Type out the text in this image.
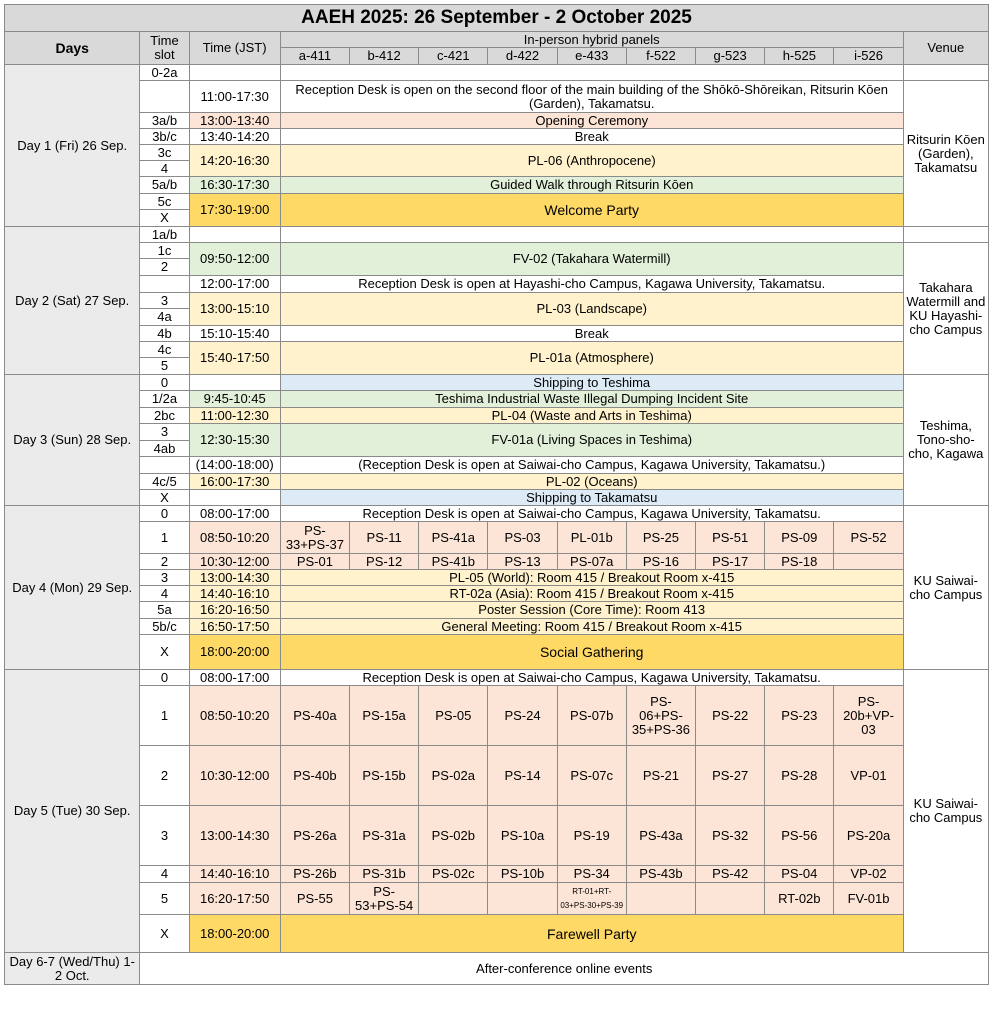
AAEH 2025: 26 September - 2 October 2025												
Days	Time slot	Time (JST)	In-person hybrid panels									Venue
			a-411	b-412	c-421	d-422	e-433	f-522	g-523	h-525	i-526	
Day 1 (Fri) 26 Sep.	0-2a											
		11:00-17:30	Reception Desk is open on the second floor of the main building of the Shōkō-Shōreikan, Ritsurin Kōen (Garden), Takamatsu.									Ritsurin Kōen (Garden), Takamatsu
	3a/b	13:00-13:40	Opening Ceremony									
	3b/c	13:40-14:20	Break									
	3c	14:20-16:30	PL-06 (Anthropocene)									
	4											
	5a/b	16:30-17:30	Guided Walk through Ritsurin Kōen									
	5c	17:30-19:00	Welcome Party									
	X											

Day 2 (Sat) 27 Sep.	1a/b											
	1c	09:50-12:00	FV-02 (Takahara Watermill)									Takahara Watermill and KU Hayashi-cho Campus
	2											
		12:00-17:00	Reception Desk is open at Hayashi-cho Campus, Kagawa University, Takamatsu.									
	3	13:00-15:10	PL-03 (Landscape)									
	4a											
	4b	15:10-15:40	Break									
	4c	15:40-17:50	PL-01a (Atmosphere)									
	5											

Day 3 (Sun) 28 Sep.	0		Shipping to Teshima									Teshima, Tono-sho-cho, Kagawa
	1/2a	9:45-10:45	Teshima Industrial Waste Illegal Dumping Incident Site									
	2bc	11:00-12:30	PL-04 (Waste and Arts in Teshima)									
	3	12:30-15:30	FV-01a (Living Spaces in Teshima)									
	4ab											
		(14:00-18:00)	(Reception Desk is open at Saiwai-cho Campus, Kagawa University, Takamatsu.)									
	4c/5	16:00-17:30	PL-02 (Oceans)									
	X		Shipping to Takamatsu									
Day 4 (Mon) 29 Sep.	0	08:00-17:00	Reception Desk is open at Saiwai-cho Campus, Kagawa University, Takamatsu.									KU Saiwai-cho Campus
	1	08:50-10:20	PS-33+PS-37	PS-11	PS-41a	PS-03	PL-01b	PS-25	PS-51	PS-09	PS-52	
	2	10:30-12:00	PS-01	PS-12	PS-41b	PS-13	PS-07a	PS-16	PS-17	PS-18		
	3	13:00-14:30	PL-05 (World): Room 415 / Breakout Room x-415									
	4	14:40-16:10	RT-02a (Asia): Room 415 / Breakout Room x-415									
	5a	16:20-16:50	Poster Session (Core Time): Room 413									
	5b/c	16:50-17:50	General Meeting: Room 415 / Breakout Room x-415									
	X	18:00-20:00	Social Gathering									
Day 5 (Tue) 30 Sep.	0	08:00-17:00	Reception Desk is open at Saiwai-cho Campus, Kagawa University, Takamatsu.									KU Saiwai-cho Campus
	1	08:50-10:20	PS-40a	PS-15a	PS-05	PS-24	PS-07b	PS-06+PS-35+PS-36	PS-22	PS-23	PS-20b+VP-03	
	2	10:30-12:00	PS-40b	PS-15b	PS-02a	PS-14	PS-07c	PS-21	PS-27	PS-28	VP-01	
	3	13:00-14:30	PS-26a	PS-31a	PS-02b	PS-10a	PS-19	PS-43a	PS-32	PS-56	PS-20a	
	4	14:40-16:10	PS-26b	PS-31b	PS-02c	PS-10b	PS-34	PS-43b	PS-42	PS-04	VP-02	
	5	16:20-17:50	PS-55	PS-53+PS-54			RT-01+RT-03+PS-30+PS-39			RT-02b	FV-01b	
	X	18:00-20:00	Farewell Party									
Day 6-7 (Wed/Thu) 1-2 Oct.	After-conference online events											
